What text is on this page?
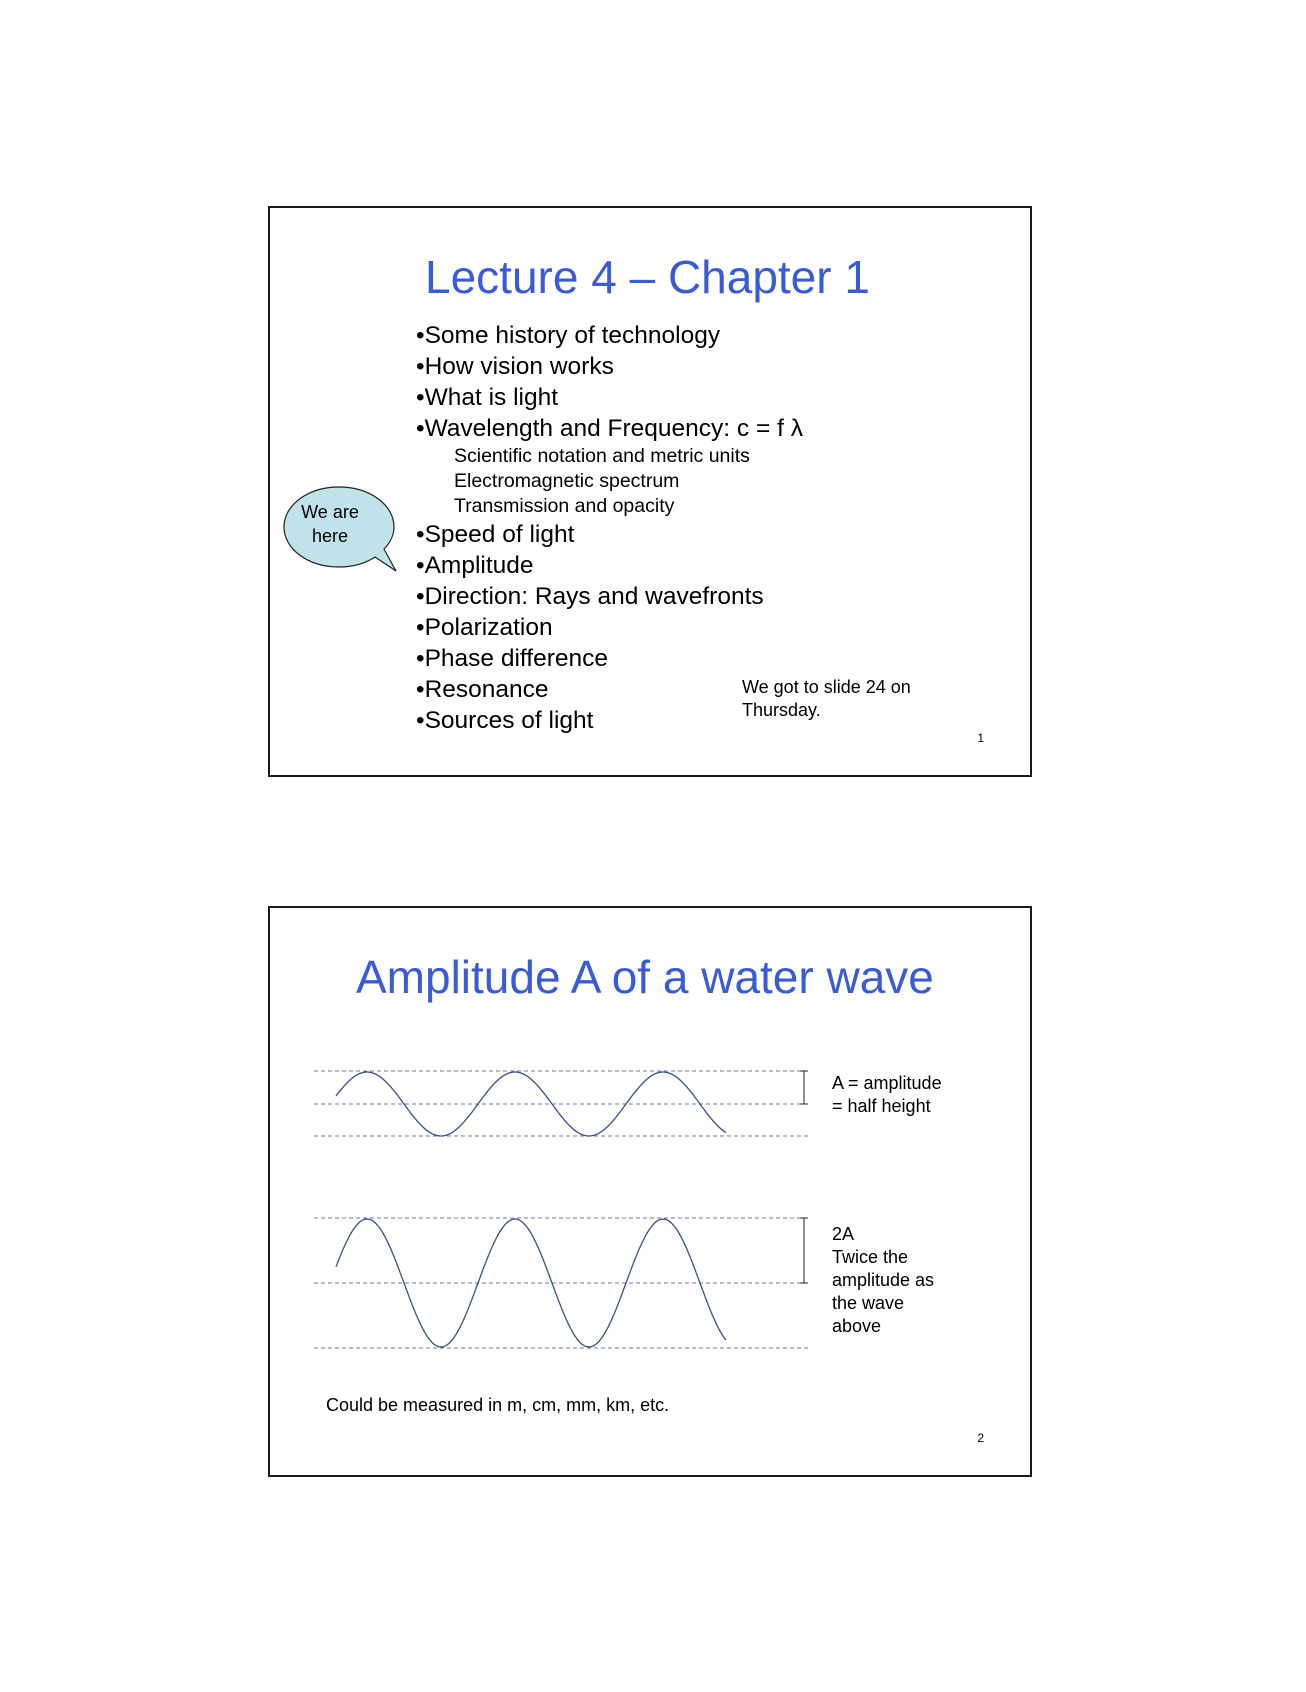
Lecture 4 – Chapter 1
•Some history of technology
•How vision works
•What is light
•Wavelength and Frequency: c = f λ
Scientific notation and metric units
Electromagnetic spectrum
Transmission and opacity
•Speed of light
•Amplitude
•Direction: Rays and wavefronts
•Polarization
•Phase difference
•Resonance
•Sources of light
We are
here
We got to slide 24 on
Thursday.
1
Amplitude A of a water wave
A = amplitude
= half height
2A
Twice the
amplitude as
the wave
above
Could be measured in m, cm, mm, km, etc.
2
